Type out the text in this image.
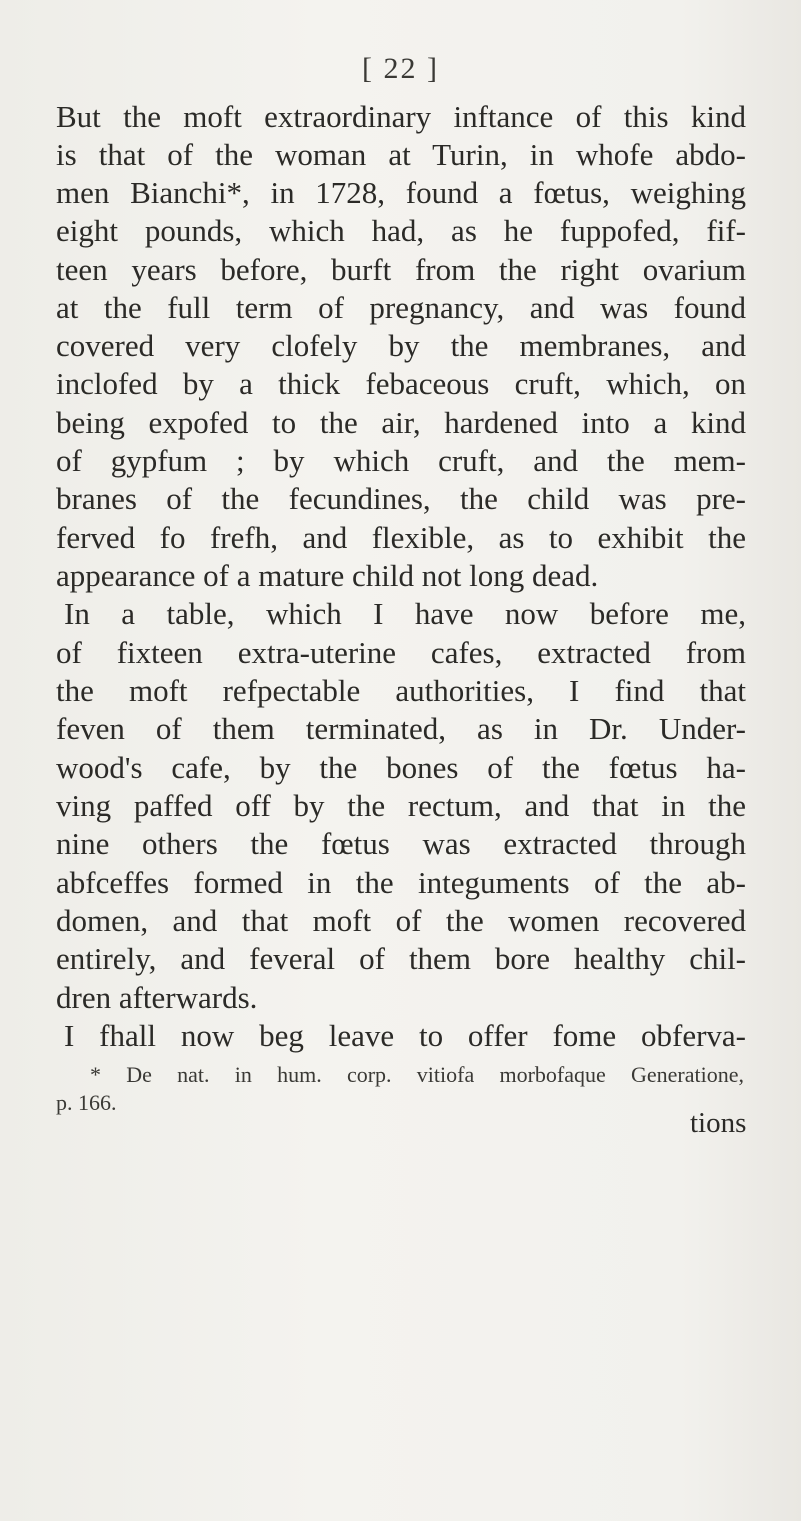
[ 22 ]
But the moft extraordinary inftance of this kind
is that of the woman at Turin, in whofe abdo-
men Bianchi*, in 1728, found a fœtus, weighing
eight pounds, which had, as he fuppofed, fif-
teen years before, burft from the right ovarium
at the full term of pregnancy, and was found
covered very clofely by the membranes, and
inclofed by a thick febaceous cruft, which, on
being expofed to the air, hardened into a kind
of gypfum ; by which cruft, and the mem-
branes of the fecundines, the child was pre-
ferved fo frefh, and flexible, as to exhibit the
appearance of a mature child not long dead.
In a table, which I have now before me,
of fixteen extra-uterine cafes, extracted from
the moft refpectable authorities, I find that
feven of them terminated, as in Dr. Under-
wood's cafe, by the bones of the fœtus ha-
ving paffed off by the rectum, and that in the
nine others the fœtus was extracted through
abfceffes formed in the integuments of the ab-
domen, and that moft of the women recovered
entirely, and feveral of them bore healthy chil-
dren afterwards.
I fhall now beg leave to offer fome obferva-
* De nat. in hum. corp. vitiofa morbofaque Generatione,
p. 166.
tions
